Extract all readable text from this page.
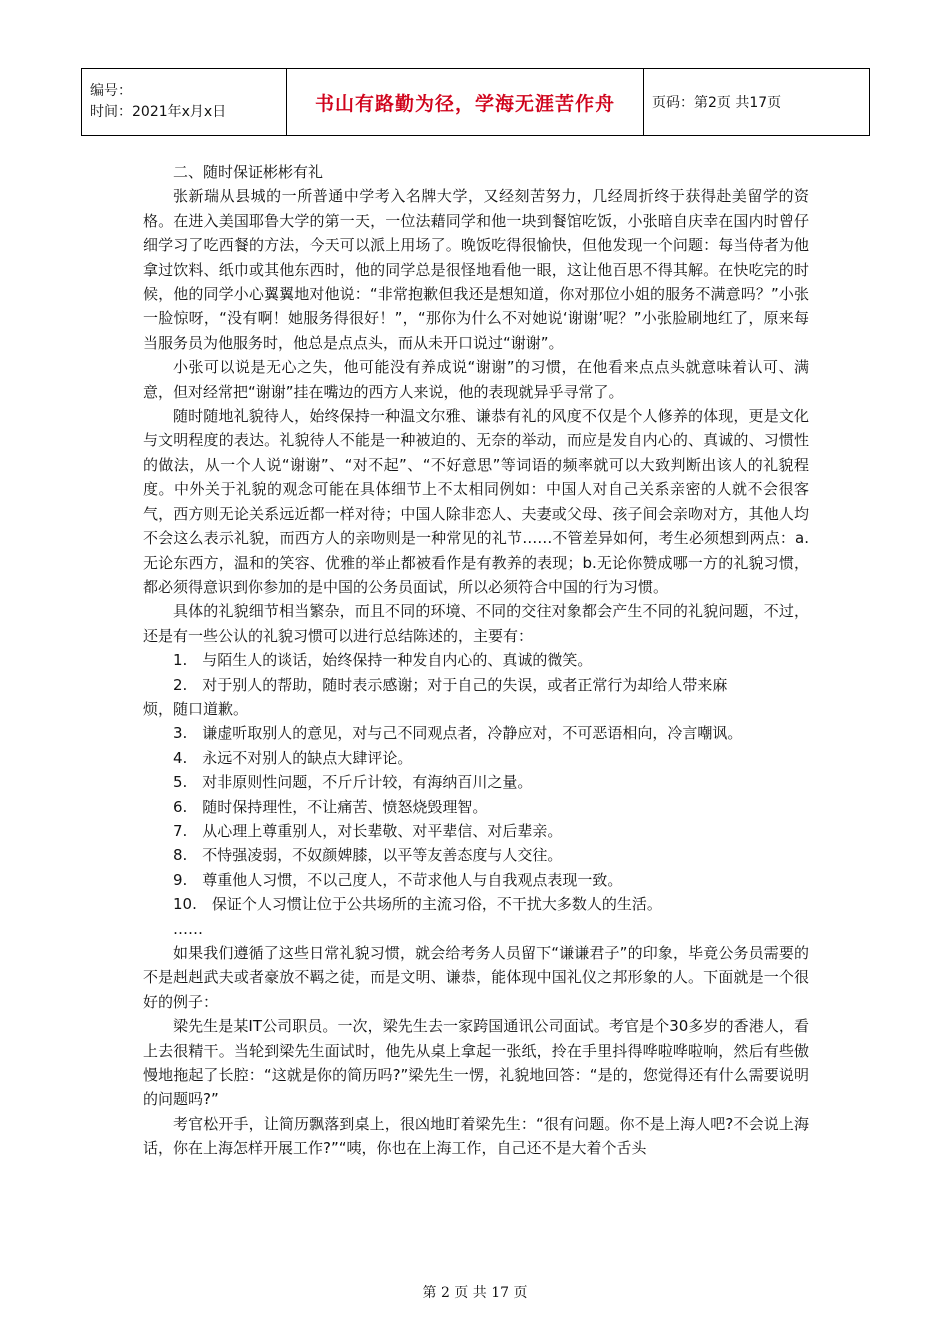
编号：
时间：2021年x月x日	书山有路勤为径，学海无涯苦作舟	页码：第2页 共17页

二、随时保证彬彬有礼

张新瑞从县城的一所普通中学考入名牌大学，又经刻苦努力，几经周折终于获得赴美留学的资格。在进入美国耶鲁大学的第一天，一位法藉同学和他一块到餐馆吃饭，小张暗自庆幸在国内时曾仔细学习了吃西餐的方法，今天可以派上用场了。晚饭吃得很愉快，但他发现一个问题：每当侍者为他拿过饮料、纸巾或其他东西时，他的同学总是很怪地看他一眼，这让他百思不得其解。在快吃完的时候，他的同学小心翼翼地对他说：“非常抱歉但我还是想知道，你对那位小姐的服务不满意吗？”小张一脸惊呀，“没有啊！她服务得很好！”，“那你为什么不对她说‘谢谢’呢？”小张脸刷地红了，原来每当服务员为他服务时，他总是点点头，而从未开口说过“谢谢”。

小张可以说是无心之失，他可能没有养成说“谢谢”的习惯，在他看来点点头就意味着认可、满意，但对经常把“谢谢”挂在嘴边的西方人来说，他的表现就异乎寻常了。

随时随地礼貌待人，始终保持一种温文尔雅、谦恭有礼的风度不仅是个人修养的体现，更是文化与文明程度的表达。礼貌待人不能是一种被迫的、无奈的举动，而应是发自内心的、真诚的、习惯性的做法，从一个人说“谢谢”、“对不起”、“不好意思”等词语的频率就可以大致判断出该人的礼貌程度。中外关于礼貌的观念可能在具体细节上不太相同例如：中国人对自己关系亲密的人就不会很客气，西方则无论关系远近都一样对待；中国人除非恋人、夫妻或父母、孩子间会亲吻对方，其他人均不会这么表示礼貌，而西方人的亲吻则是一种常见的礼节……不管差异如何，考生必须想到两点：a.无论东西方，温和的笑容、优雅的举止都被看作是有教养的表现；b.无论你赞成哪一方的礼貌习惯，都必须得意识到你参加的是中国的公务员面试，所以必须符合中国的行为习惯。

具体的礼貌细节相当繁杂，而且不同的环境、不同的交往对象都会产生不同的礼貌问题，不过，还是有一些公认的礼貌习惯可以进行总结陈述的，主要有：

1.　与陌生人的谈话，始终保持一种发自内心的、真诚的微笑。
2.　对于别人的帮助，随时表示感谢；对于自己的失误，或者正常行为却给人带来麻
烦，随口道歉。
3.　谦虚听取别人的意见，对与己不同观点者，冷静应对，不可恶语相向，冷言嘲讽。
4.　永远不对别人的缺点大肆评论。
5.　对非原则性问题，不斤斤计较，有海纳百川之量。
6.　随时保持理性，不让痛苦、愤怒烧毁理智。
7.　从心理上尊重别人，对长辈敬、对平辈信、对后辈亲。
8.　不恃强凌弱，不奴颜婢膝，以平等友善态度与人交往。
9.　尊重他人习惯，不以己度人，不苛求他人与自我观点表现一致。
10.　保证个人习惯让位于公共场所的主流习俗，不干扰大多数人的生活。
……

如果我们遵循了这些日常礼貌习惯，就会给考务人员留下“谦谦君子”的印象，毕竟公务员需要的不是赳赳武夫或者豪放不羁之徒，而是文明、谦恭，能体现中国礼仪之邦形象的人。下面就是一个很好的例子：

梁先生是某IT公司职员。一次，梁先生去一家跨国通讯公司面试。考官是个30多岁的香港人，看上去很精干。当轮到梁先生面试时，他先从桌上拿起一张纸，拎在手里抖得哗啦哗啦响，然后有些傲慢地拖起了长腔：“这就是你的简历吗?”梁先生一愣，礼貌地回答：“是的，您觉得还有什么需要说明的问题吗?”

考官松开手，让简历飘落到桌上，很凶地盯着梁先生：“很有问题。你不是上海人吧?不会说上海话，你在上海怎样开展工作?”“咦，你也在上海工作，自己还不是大着个舌头

第 2 页 共 17 页
